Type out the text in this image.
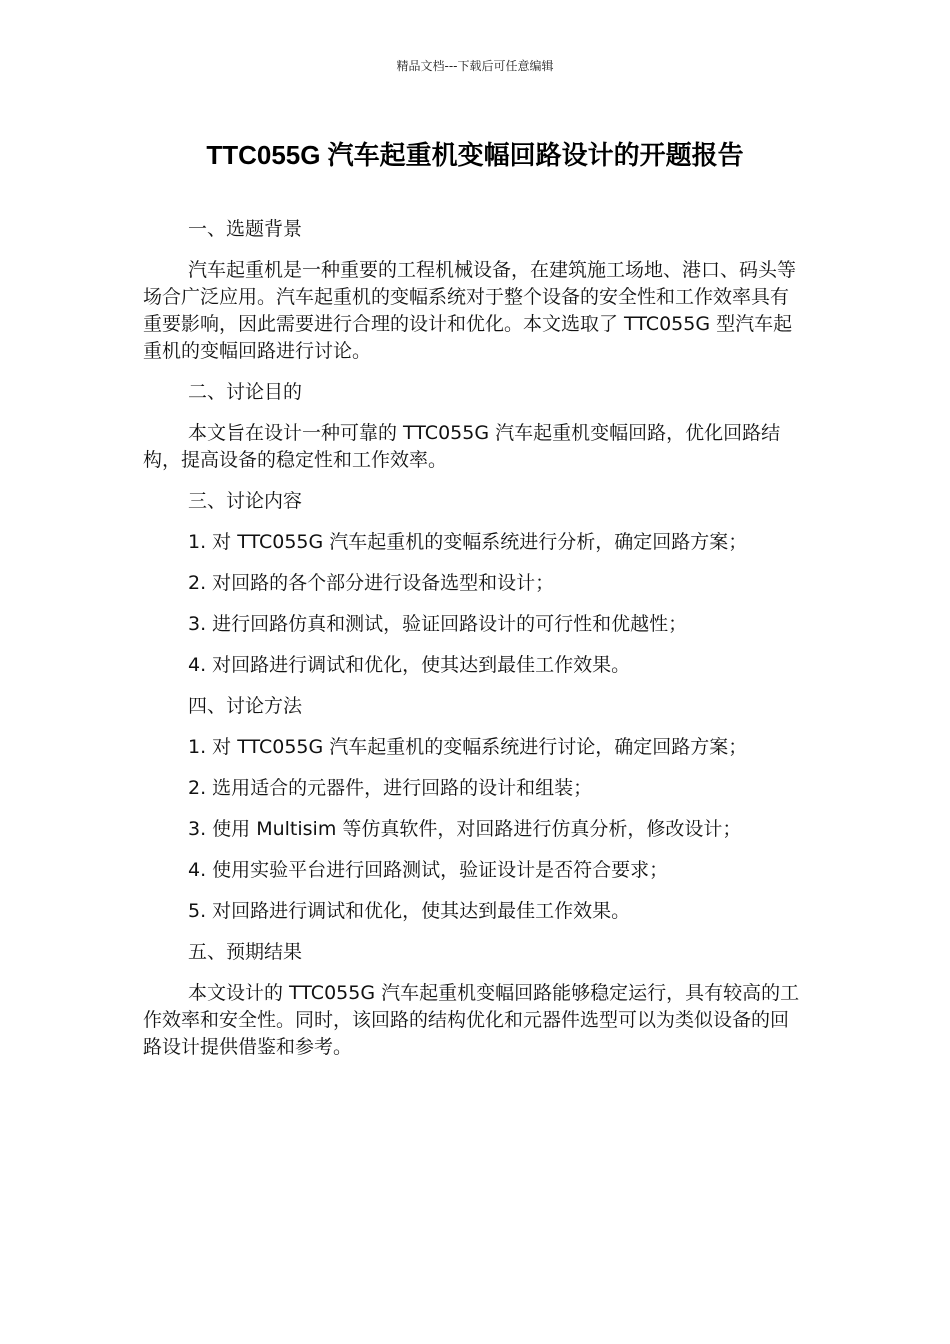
精品文档---下载后可任意编辑
TTC055G 汽车起重机变幅回路设计的开题报告

一、选题背景

汽车起重机是一种重要的工程机械设备，在建筑施工场地、港口、码头等场合广泛应用。汽车起重机的变幅系统对于整个设备的安全性和工作效率具有重要影响，因此需要进行合理的设计和优化。本文选取了 TTC055G 型汽车起重机的变幅回路进行讨论。

二、讨论目的

本文旨在设计一种可靠的 TTC055G 汽车起重机变幅回路，优化回路结构，提高设备的稳定性和工作效率。

三、讨论内容

1. 对 TTC055G 汽车起重机的变幅系统进行分析，确定回路方案；

2. 对回路的各个部分进行设备选型和设计；

3. 进行回路仿真和测试，验证回路设计的可行性和优越性；

4. 对回路进行调试和优化，使其达到最佳工作效果。

四、讨论方法

1. 对 TTC055G 汽车起重机的变幅系统进行讨论，确定回路方案；

2. 选用适合的元器件，进行回路的设计和组装；

3. 使用 Multisim 等仿真软件，对回路进行仿真分析，修改设计；

4. 使用实验平台进行回路测试，验证设计是否符合要求；

5. 对回路进行调试和优化，使其达到最佳工作效果。

五、预期结果

本文设计的 TTC055G 汽车起重机变幅回路能够稳定运行，具有较高的工作效率和安全性。同时，该回路的结构优化和元器件选型可以为类似设备的回路设计提供借鉴和参考。
